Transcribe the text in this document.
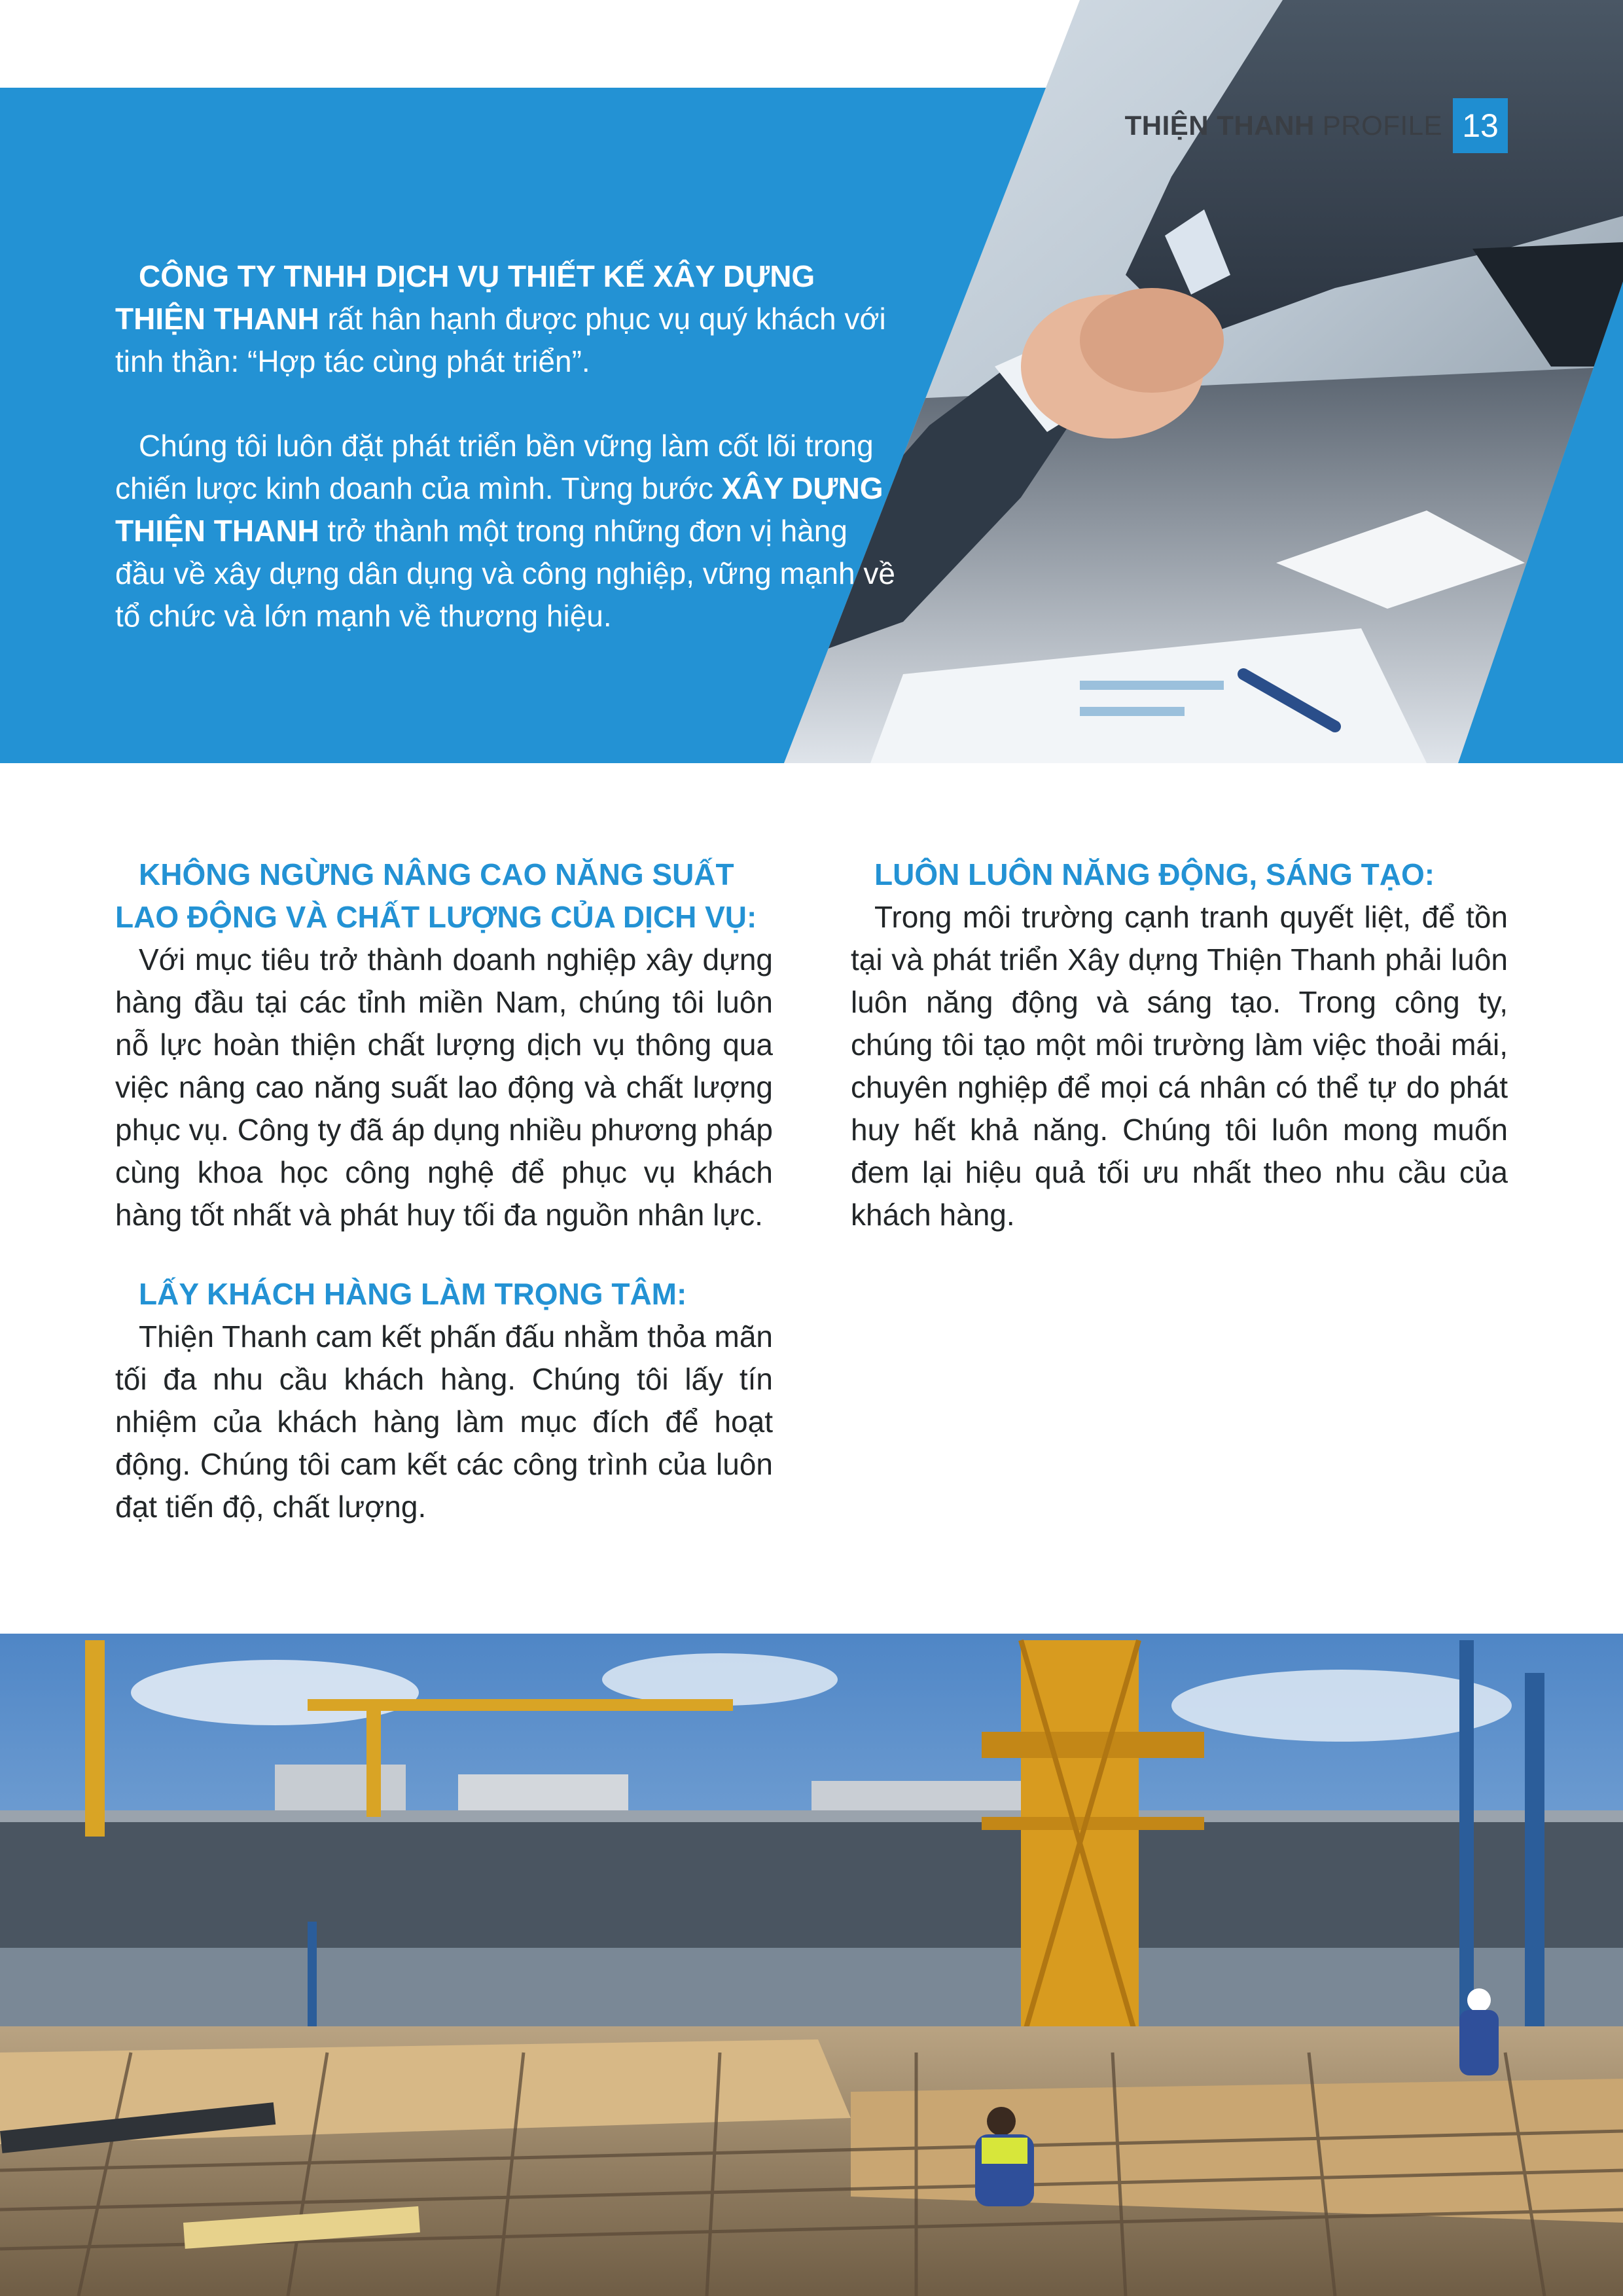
THIỆN THANH PROFILE 13

CÔNG TY TNHH DỊCH VỤ THIẾT KẾ XÂY DỰNG THIỆN THANH rất hân hạnh được phục vụ quý khách với tinh thần: “Hợp tác cùng phát triển”.

Chúng tôi luôn đặt phát triển bền vững làm cốt lõi trong chiến lược kinh doanh của mình. Từng bước XÂY DỰNG THIỆN THANH trở thành một trong những đơn vị hàng đầu về xây dựng dân dụng và công nghiệp, vững mạnh về tổ chức và lớn mạnh về thương hiệu.

KHÔNG NGỪNG NÂNG CAO NĂNG SUẤT LAO ĐỘNG VÀ CHẤT LƯỢNG CỦA DỊCH VỤ:

Với mục tiêu trở thành doanh nghiệp xây dựng hàng đầu tại các tỉnh miền Nam, chúng tôi luôn nỗ lực hoàn thiện chất lượng dịch vụ thông qua việc nâng cao năng suất lao động và chất lượng phục vụ. Công ty đã áp dụng nhiều phương pháp cùng khoa học công nghệ để phục vụ khách hàng tốt nhất và phát huy tối đa nguồn nhân lực.

LẤY KHÁCH HÀNG LÀM TRỌNG TÂM:

Thiện Thanh cam kết phấn đấu nhằm thỏa mãn tối đa nhu cầu khách hàng. Chúng tôi lấy tín nhiệm của khách hàng làm mục đích để hoạt động. Chúng tôi cam kết các công trình của luôn đạt tiến độ, chất lượng.

LUÔN LUÔN NĂNG ĐỘNG, SÁNG TẠO:

Trong môi trường cạnh tranh quyết liệt, để tồn tại và phát triển Xây dựng Thiện Thanh phải luôn luôn năng động và sáng tạo. Trong công ty, chúng tôi tạo một môi trường làm việc thoải mái, chuyên nghiệp để mọi cá nhân có thể tự do phát huy hết khả năng. Chúng tôi luôn mong muốn đem lại hiệu quả tối ưu nhất theo nhu cầu của khách hàng.
